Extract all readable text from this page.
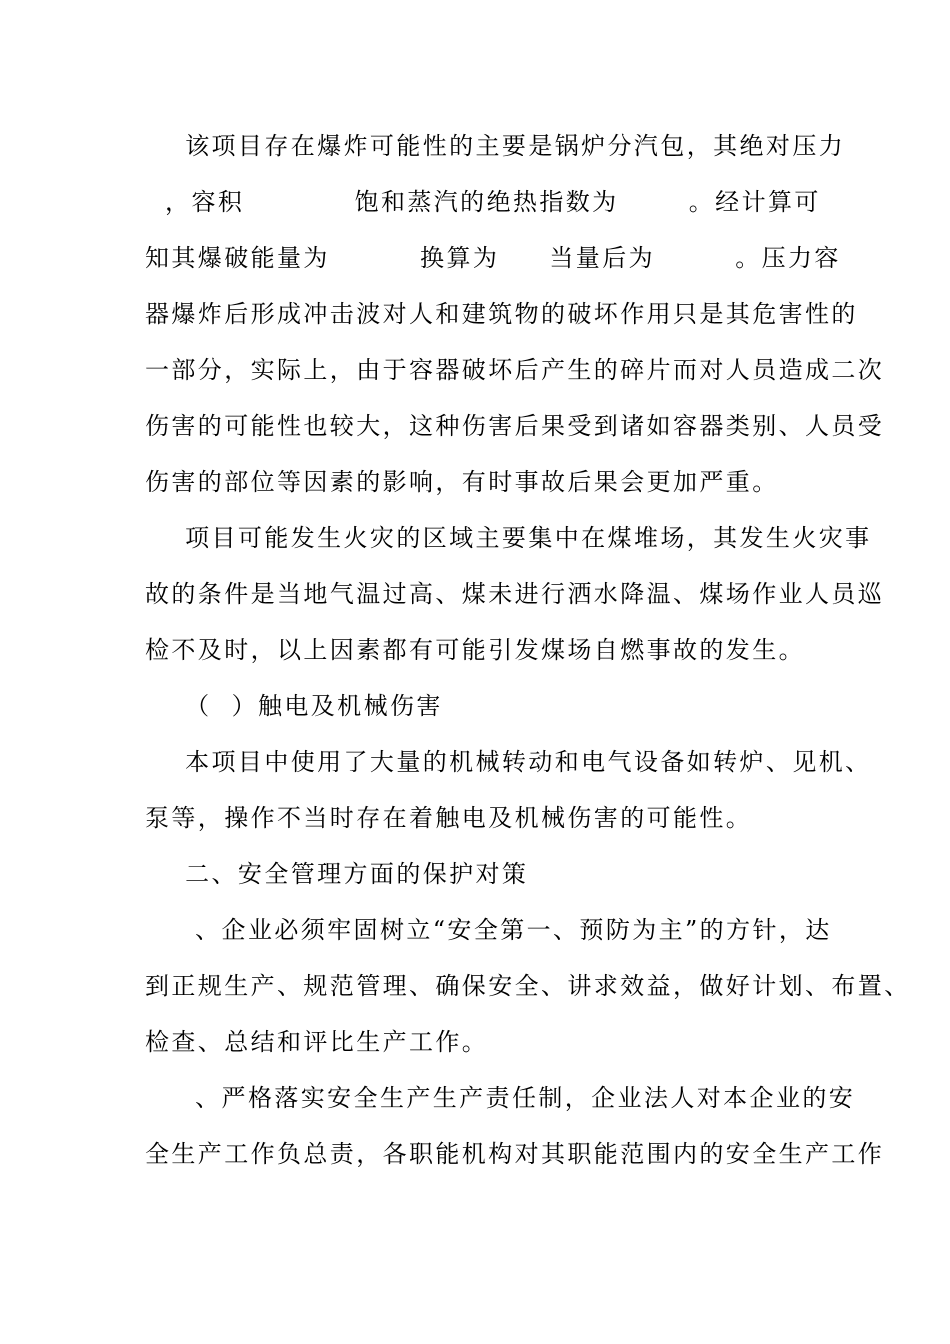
该项目存在爆炸可能性的主要是锅炉分汽包，其绝对压力
，容积           饱和蒸汽的绝热指数为       。经计算可
知其爆破能量为         换算为     当量后为        。压力容
器爆炸后形成冲击波对人和建筑物的破坏作用只是其危害性的
一部分，实际上，由于容器破坏后产生的碎片而对人员造成二次
伤害的可能性也较大，这种伤害后果受到诸如容器类别、人员受
伤害的部位等因素的影响，有时事故后果会更加严重。
项目可能发生火灾的区域主要集中在煤堆场，其发生火灾事
故的条件是当地气温过高、煤未进行洒水降温、煤场作业人员巡
检不及时，以上因素都有可能引发煤场自燃事故的发生。
（  ）触电及机械伤害
本项目中使用了大量的机械转动和电气设备如转炉、见机、
泵等，操作不当时存在着触电及机械伤害的可能性。
二、安全管理方面的保护对策
、企业必须牢固树立“安全第一、预防为主”的方针，达
到正规生产、规范管理、确保安全、讲求效益，做好计划、布置、
检查、总结和评比生产工作。
、严格落实安全生产生产责任制，企业法人对本企业的安
全生产工作负总责，各职能机构对其职能范围内的安全生产工作
